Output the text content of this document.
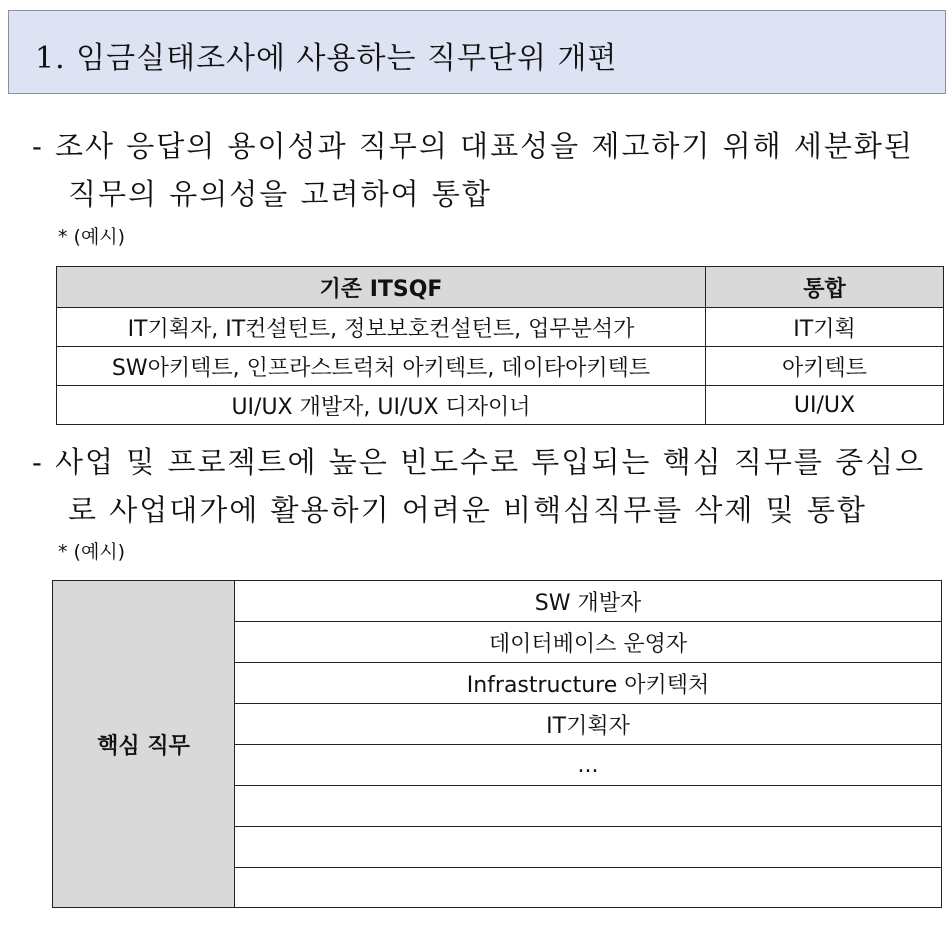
1. 임금실태조사에 사용하는 직무단위 개편
- 조사 응답의 용이성과 직무의 대표성을 제고하기 위해 세분화된
직무의 유의성을 고려하여 통합
* (예시)
기존 ITSQF	통합
IT기획자, IT컨설턴트, 정보보호컨설턴트, 업무분석가	IT기획
SW아키텍트, 인프라스트럭처 아키텍트, 데이타아키텍트	아키텍트
UI/UX 개발자, UI/UX 디자이너	UI/UX
- 사업 및 프로젝트에 높은 빈도수로 투입되는 핵심 직무를 중심으
로 사업대가에 활용하기 어려운 비핵심직무를 삭제 및 통합
* (예시)
핵심 직무
SW 개발자
데이터베이스 운영자
Infrastructure 아키텍처
IT기획자
...
